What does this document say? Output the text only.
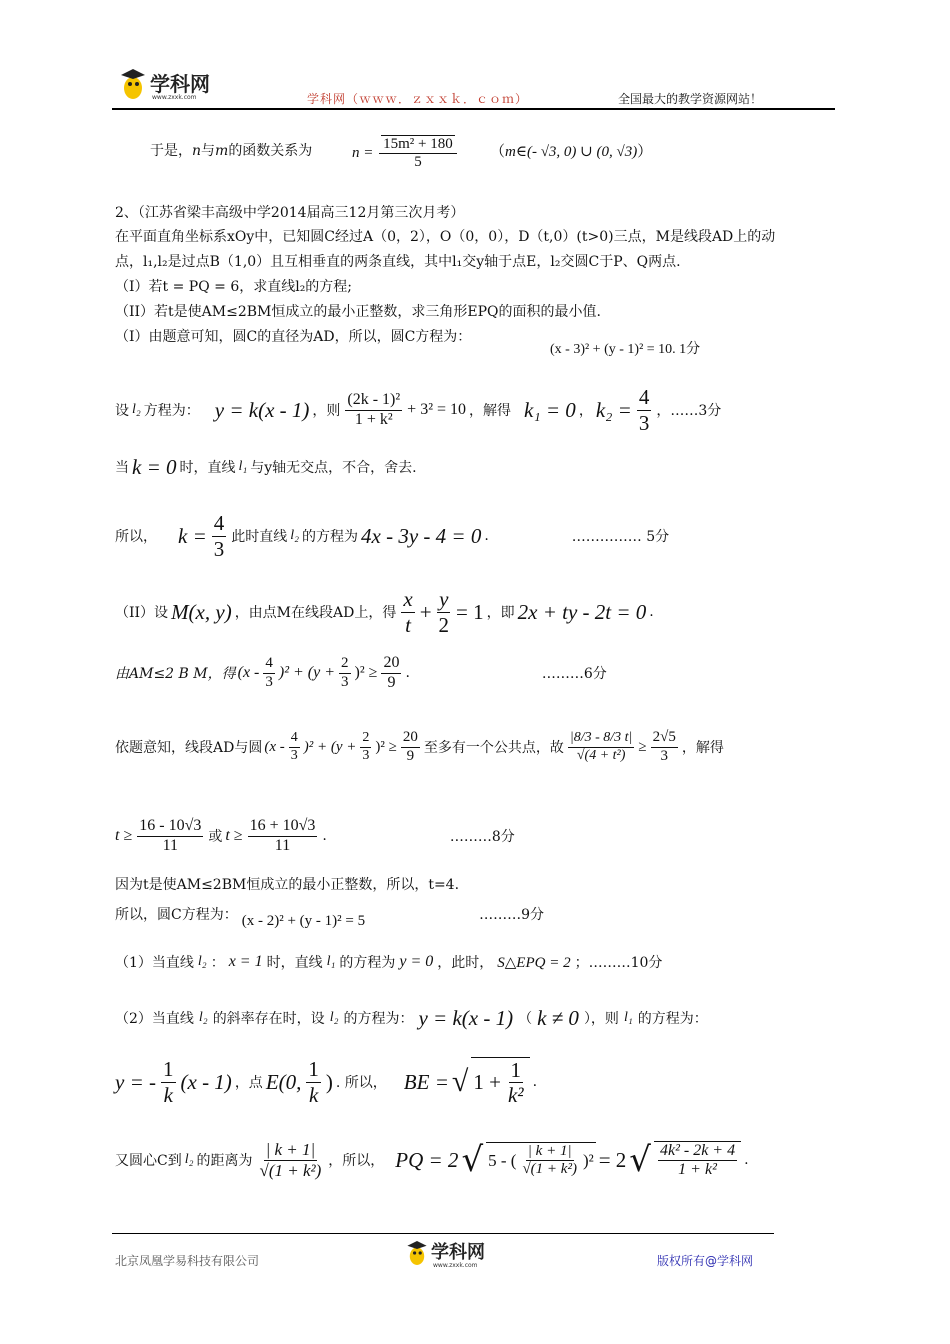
学科网
www.zxxk.com	学科网（ｗｗｗ．ｚｘｘｋ．ｃｏｍ）	全国最大的教学资源网站！
于是，n与m的函数关系为	$n = \frac{\text{15m² + 180}}{5}$ （m∈(- √3, 0) ∪ (0, √3)）
2、（江苏省梁丰高级中学2014届高三12月第三次月考）
在平面直角坐标系xOy中，已知圆C经过A（0，2），O（0，0），D（t,0）(t>0)三点，M是线段AD上的动
点，l₁,l₂是过点B（1,0）且互相垂直的两条直线，其中l₁交y轴于点E，l₂交圆C于P、Q两点.
（I）若t = PQ = 6，求直线l₂的方程;
（II）若t是使AM≤2BM恒成立的最小正整数，求三角形EPQ的面积的最小值.
（I）由题意可知，圆C的直径为AD，所以，圆C方程为：
(x - 3)² + (y - 1)² = 10. 1分
设 l₂ 方程为： y = k(x - 1) ，则 $\frac{\text{(2k - 1)²}}{\text{1 + k²}} + 3^2 = 10$ ，解得 k₁ = 0 ， $k_2 = \frac{4}{3}$ ，……3分
当 k = 0 时，直线 l₁ 与y轴无交点，不合，舍去.
所以， $k = \frac{4}{3}$ 此时直线 l₂ 的方程为 4x - 3y - 4 = 0 .	…………… 5分
（II）设 M(x, y) ，由点M在线段AD上，得 $\frac{x}{t} + \frac{y}{2} = 1$ ，即 2x + ty - 2t = 0 .
由AM≤2 B M，得 $(x - \frac{4}{3} )^2 + (y + \frac{2}{3} )^2 \ge \frac{20}{9}$ .	………6分
依题意知，线段AD与圆 $(x - \frac{4}{3} )^2 + (y + \frac{2}{3} )^2 \ge \frac{20}{9}$ 至多有一个公共点，故 $\frac{|8/3 - 8/3 t|}{\text{√(4 + t²)}} \ge \frac{2√5}{3}$ ，解得
$t \ge \frac{16 - 10√3}{11}$ 或 $t \ge \frac{16 + 10√3}{11}$ .	………8分
因为t是使AM≤2BM恒成立的最小正整数，所以，t=4.
所以，圆C方程为： (x - 2)² + (y - 1)² = 5	………9分
（1）当直线 l₂ ： x = 1 时，直线 l₁ 的方程为 y = 0 ，此时， S△EPQ = 2 ；………10分
（2）当直线 l₂ 的斜率存在时，设 l₂ 的方程为： y = k(x - 1) （ k ≠ 0 ），则 l₁ 的方程为：
y = - $\frac{1}{k} (x - 1)$ ，点 E(0, $\frac{1}{k}$ ) . 所以， BE = √ $1 + \frac{1}{\text{k²}}$ .
又圆心C到 l₂ 的距离为 $\frac{| k + 1|}{\text{√(1 + k²)}}$ ，所以， PQ = 2 √ 5 - ( $\frac{| k + 1|}{\text{√(1 + k²)}} )^2 = 2$ √ $\frac{\text{4k² - 2k + 4}}{\text{1 + k²}}$ .
北京凤凰学易科技有限公司	学科网
www.zxxk.com	版权所有@学科网
